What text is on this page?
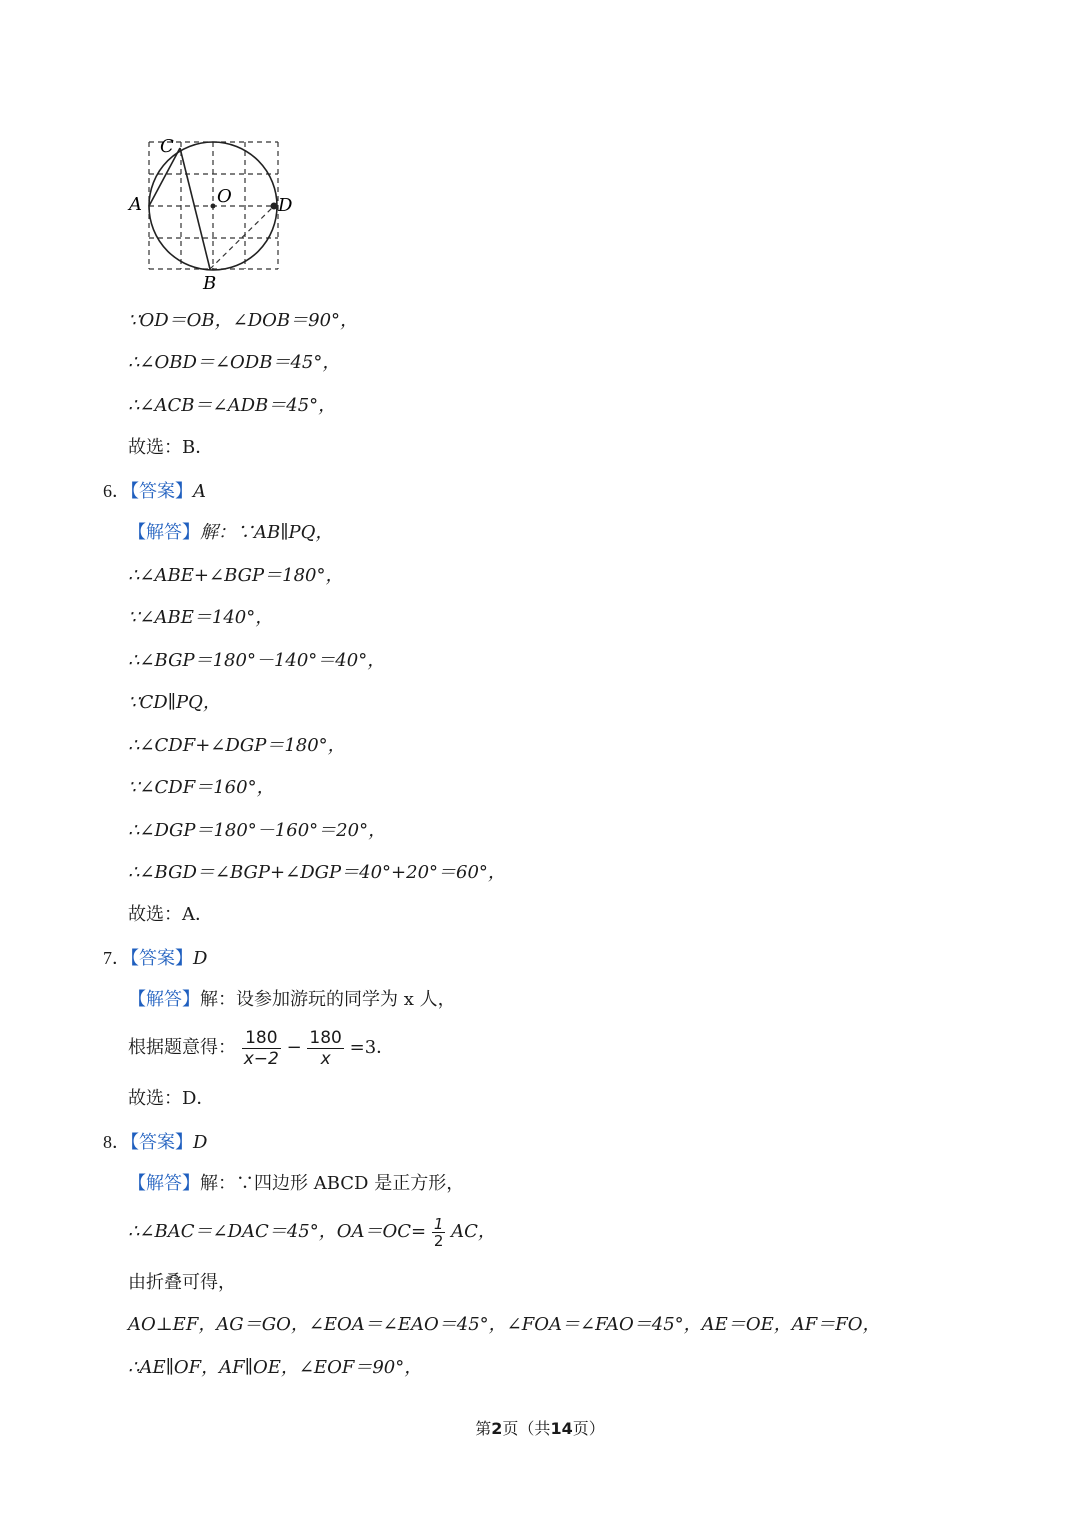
C
A	O	D
B
∵OD＝OB，∠DOB＝90°，
∴∠OBD＝∠ODB＝45°，
∴∠ACB＝∠ADB＝45°，
故选：B．
6．【答案】A
【解答】解：∵AB∥PQ，
∴∠ABE+∠BGP＝180°，
∵∠ABE＝140°，
∴∠BGP＝180°－140°＝40°，
∵CD∥PQ，
∴∠CDF+∠DGP＝180°，
∵∠CDF＝160°，
∴∠DGP＝180°－160°＝20°，
∴∠BGD＝∠BGP+∠DGP＝40°+20°＝60°，
故选：A．
7．【答案】D
【解答】解：设参加游玩的同学为 x 人，
根据题意得： $\frac{180}{x-2} - \frac{180}{x} =3$．
故选：D．
8．【答案】D
【解答】解：∵四边形 ABCD 是正方形，
∴∠BAC＝∠DAC＝45°，$OA=OC= \frac{1}{2}$ AC，
由折叠可得，
AO⊥EF，AG＝GO，∠EOA＝∠EAO＝45°，∠FOA＝∠FAO＝45°，AE＝OE，AF＝FO，
∴AE∥OF，AF∥OE，∠EOF＝90°，
第2页（共14页）
